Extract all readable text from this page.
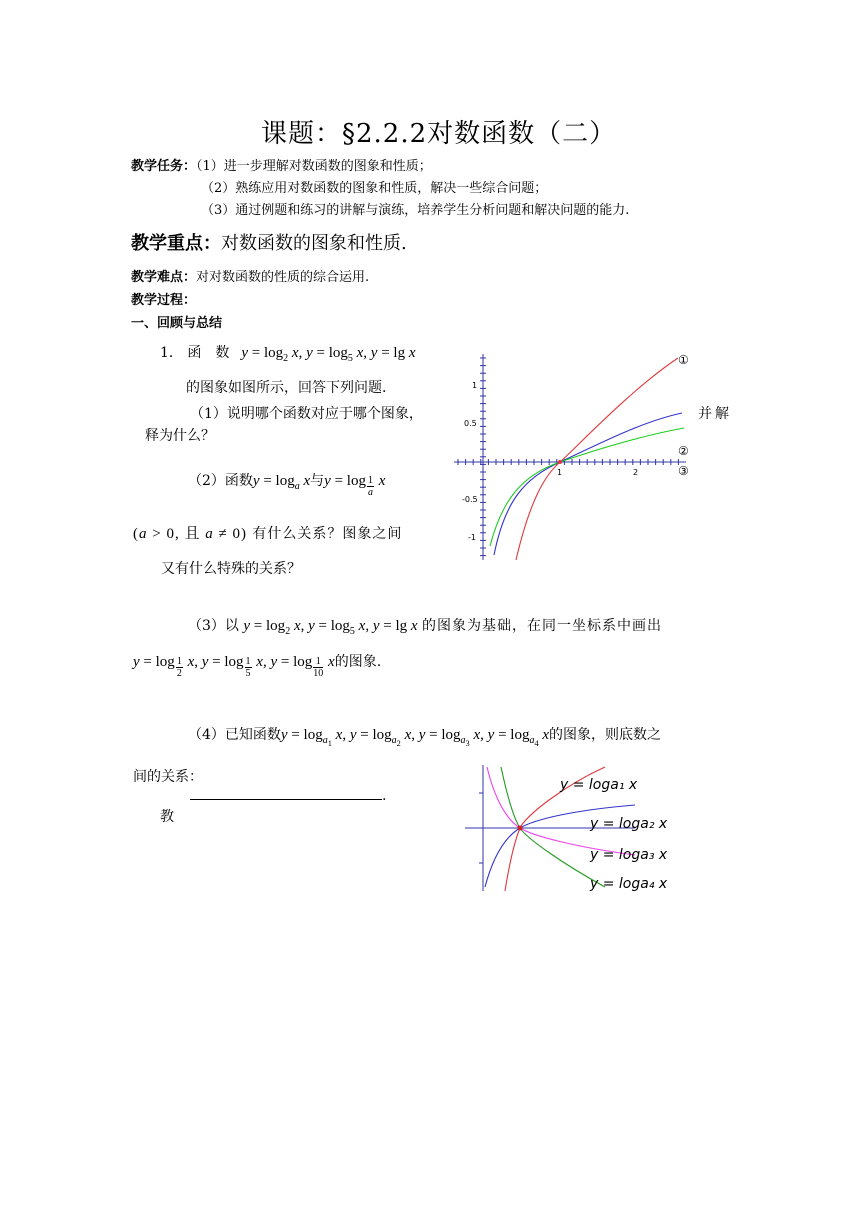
课题：§2.2.2对数函数（二）
教学任务：（1）进一步理解对数函数的图象和性质；
（2）熟练应用对数函数的图象和性质，解决一些综合问题；
（3）通过例题和练习的讲解与演练，培养学生分析问题和解决问题的能力.
教学重点：对数函数的图象和性质.
教学难点：对对数函数的性质的综合运用.
教学过程：
一、回顾与总结
1． 函　数 $y = \log_2 x$, $y = \log_5 x$, y = lg x
的图象如图所示，回答下列问题.
（1）说明哪个函数对应于哪个图象，	并解
释为什么？
（2）函数$y = \log_a x$与$y = \log \frac{1}{a}$ x
(a > 0, 且 a ≠ 0) 有什么关系？图象之间
又有什么特殊的关系？
（3）以 $y = \log_2 x$, $y = \log_5 x$, y = lg x 的图象为基础，在同一坐标系中画出
$y = \log \frac{1}{2} x$, $y = \log \frac{1}{5} x$, $y = \log \frac{1}{10}$ x的图象.
（4）已知函数$y = \log_{a_1} x$, $y = \log_{a_2} x$, $y = \log_{a_3} x$, $y = \log_{a_4} x$的图象，则底数之
间的关系：
.
教
1
0.5
-0.5
-1
1	2
①
②
③
y = loga₁ x
y = loga₂ x
y = loga₃ x
y = loga₄ x
